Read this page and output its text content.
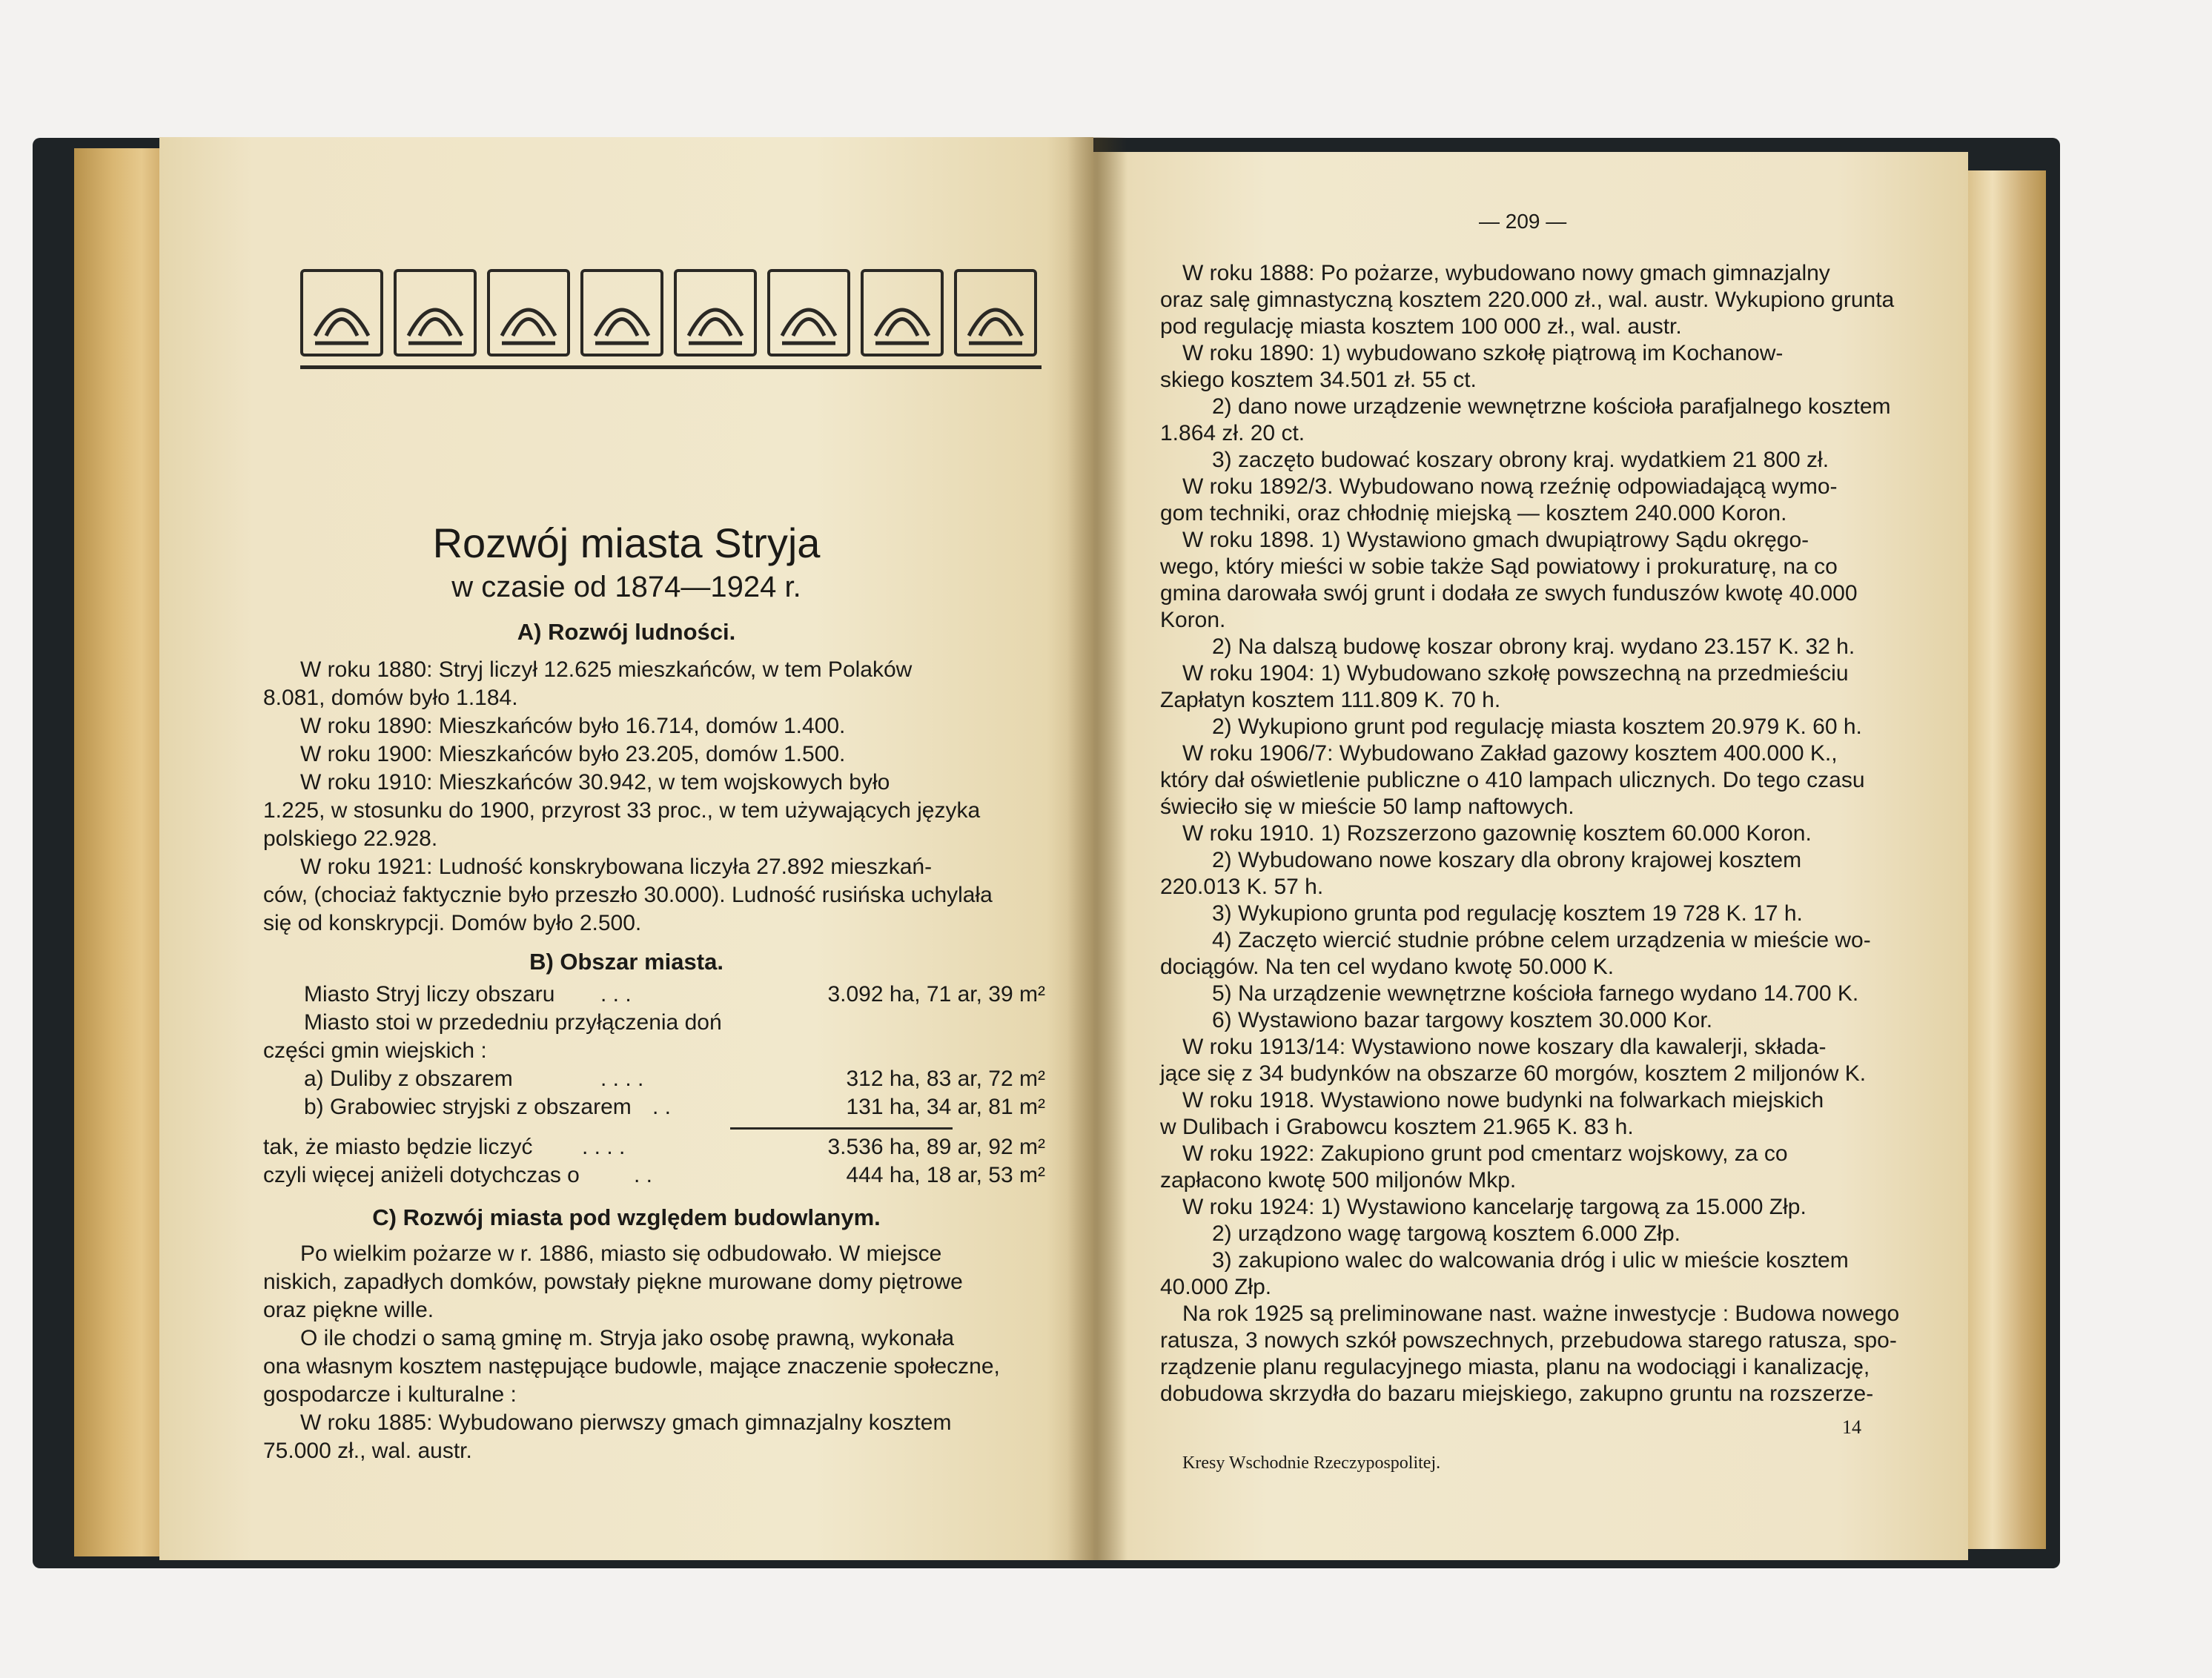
Rozwój miasta Stryja
w czasie od 1874—1924 r.
A) Rozwój ludności.
W roku 1880: Stryj liczył 12.625 mieszkańców, w tem Polaków
8.081, domów było 1.184.
W roku 1890: Mieszkańców było 16.714, domów 1.400.
W roku 1900: Mieszkańców było 23.205, domów 1.500.
W roku 1910: Mieszkańców 30.942, w tem wojskowych było
1.225, w stosunku do 1900, przyrost 33 proc., w tem używających języka
polskiego 22.928.
W roku 1921: Ludność konskrybowana liczyła 27.892 mieszkań-
ców, (chociaż faktycznie było przeszło 30.000). Ludność rusińska uchylała
się od konskrypcji. Domów było 2.500.
B) Obszar miasta.
Miasto Stryj liczy obszaru . . .	3.092 ha, 71 ar, 39 m²
Miasto stoi w przededniu przyłączenia doń
części gmin wiejskich :
a) Duliby z obszarem	. . . .	312 ha, 83 ar, 72 m²
b) Grabowiec stryjski z obszarem . .	131 ha, 34 ar, 81 m²
tak, że miasto będzie liczyć . . . .	3.536 ha, 89 ar, 92 m²
czyli więcej aniżeli dotychczas o . .	444 ha, 18 ar, 53 m²
C) Rozwój miasta pod względem budowlanym.
Po wielkim pożarze w r. 1886, miasto się odbudowało. W miejsce
niskich, zapadłych domków, powstały piękne murowane domy piętrowe
oraz piękne wille.
O ile chodzi o samą gminę m. Stryja jako osobę prawną, wykonała
ona własnym kosztem następujące budowle, mające znaczenie społeczne,
gospodarcze i kulturalne :
W roku 1885: Wybudowano pierwszy gmach gimnazjalny kosztem
75.000 zł., wal. austr.
— 209 —
W roku 1888: Po pożarze, wybudowano nowy gmach gimnazjalny
oraz salę gimnastyczną kosztem 220.000 zł., wal. austr. Wykupiono grunta
pod regulację miasta kosztem 100 000 zł., wal. austr.
W roku 1890: 1) wybudowano szkołę piątrową im Kochanow-
skiego kosztem 34.501 zł. 55 ct.
2) dano nowe urządzenie wewnętrzne kościoła parafjalnego kosztem
1.864 zł. 20 ct.
3) zaczęto budować koszary obrony kraj. wydatkiem 21 800 zł.
W roku 1892/3. Wybudowano nową rzeźnię odpowiadającą wymo-
gom techniki, oraz chłodnię miejską — kosztem 240.000 Koron.
W roku 1898. 1) Wystawiono gmach dwupiątrowy Sądu okręgo-
wego, który mieści w sobie także Sąd powiatowy i prokuraturę, na co
gmina darowała swój grunt i dodała ze swych funduszów kwotę 40.000
Koron.
2) Na dalszą budowę koszar obrony kraj. wydano 23.157 K. 32 h.
W roku 1904: 1) Wybudowano szkołę powszechną na przedmieściu
Zapłatyn kosztem 111.809 K. 70 h.
2) Wykupiono grunt pod regulację miasta kosztem 20.979 K. 60 h.
W roku 1906/7: Wybudowano Zakład gazowy kosztem 400.000 K.,
który dał oświetlenie publiczne o 410 lampach ulicznych. Do tego czasu
świeciło się w mieście 50 lamp naftowych.
W roku 1910. 1) Rozszerzono gazownię kosztem 60.000 Koron.
2) Wybudowano nowe koszary dla obrony krajowej kosztem
220.013 K. 57 h.
3) Wykupiono grunta pod regulację kosztem 19 728 K. 17 h.
4) Zaczęto wiercić studnie próbne celem urządzenia w mieście wo-
dociągów. Na ten cel wydano kwotę 50.000 K.
5) Na urządzenie wewnętrzne kościoła farnego wydano 14.700 K.
6) Wystawiono bazar targowy kosztem 30.000 Kor.
W roku 1913/14: Wystawiono nowe koszary dla kawalerji, składa-
jące się z 34 budynków na obszarze 60 morgów, kosztem 2 miljonów K.
W roku 1918. Wystawiono nowe budynki na folwarkach miejskich
w Dulibach i Grabowcu kosztem 21.965 K. 83 h.
W roku 1922: Zakupiono grunt pod cmentarz wojskowy, za co
zapłacono kwotę 500 miljonów Mkp.
W roku 1924: 1) Wystawiono kancelarję targową za 15.000 Złp.
2) urządzono wagę targową kosztem 6.000 Złp.
3) zakupiono walec do walcowania dróg i ulic w mieście kosztem
40.000 Złp.
Na rok 1925 są preliminowane nast. ważne inwestycje : Budowa nowego
ratusza, 3 nowych szkół powszechnych, przebudowa starego ratusza, spo-
rządzenie planu regulacyjnego miasta, planu na wodociągi i kanalizację,
dobudowa skrzydła do bazaru miejskiego, zakupno gruntu na rozszerze-
14
Kresy Wschodnie Rzeczypospolitej.
